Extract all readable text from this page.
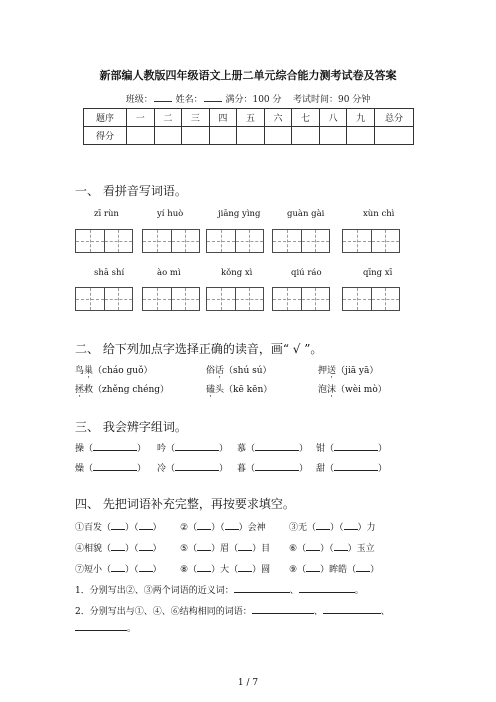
新部编人教版四年级语文上册二单元综合能力测考试卷及答案
班级：	姓名：	满分：100 分 考试时间：90 分钟
题序	一	二	三	四	五	六	七	八	九	总分
得分										
一、 看拼音写词语。
zī rùn	yí huò	jiāng yìng	guàn gài	xùn chì
shā shí	ào mì	kǒng xì	qiú ráo	qīng xī
二、 给下列加点字选择正确的读音，画“ √ ”。
鸟巢（cháo guǒ）	俗话（shú sú）	押送（jiā yā）
拯救（zhěng chéng）	磕头（kē kēn）	泡沫（wèi mò）
三、 我会辨字组词。
操（	） 吟（	） 慕（	） 钳（	）
燥（	） 冷（	） 暮（	） 甜（	）
四、 先把词语补充完整，再按要求填空。
①百发（ ）（ ） ②（ ）（ ）会神	③无（ ）（ ）力
④相貌（ ）（ ） ⑤（ ）眉（ ）目 ⑥（ ）（ ）玉立
⑦短小（ ）（ ） ⑧（ ）大（ ）圆 ⑨（ ）眸皓（ ）
1．分别写出②、③两个词语的近义词：	、	。
2．分别写出与①、④、⑥结构相同的词语：	、	、
。
1 / 7
